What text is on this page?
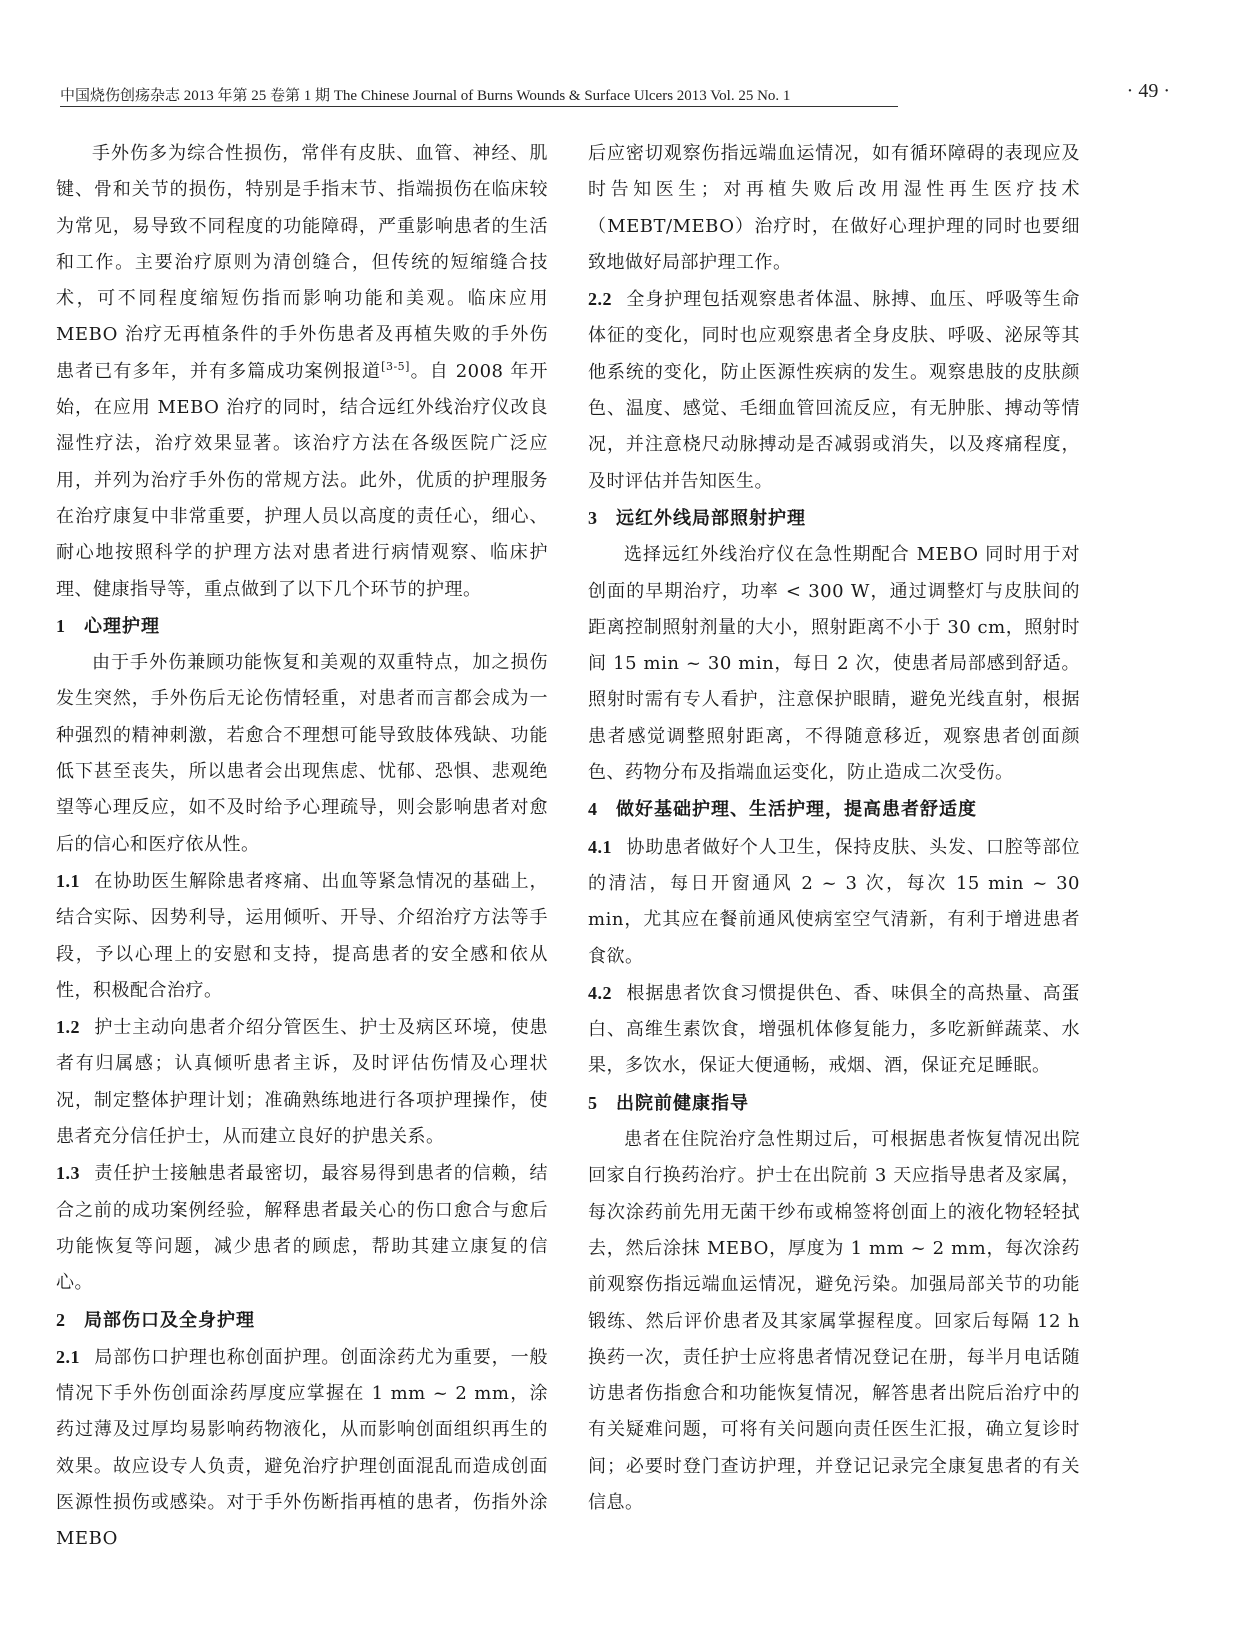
中国烧伤创疡杂志 2013 年第 25 卷第 1 期 The Chinese Journal of Burns Wounds & Surface Ulcers 2013 Vol. 25 No. 1	· 49 ·

手外伤多为综合性损伤，常伴有皮肤、血管、神经、肌键、骨和关节的损伤，特别是手指末节、指端损伤在临床较为常见，易导致不同程度的功能障碍，严重影响患者的生活和工作。主要治疗原则为清创缝合，但传统的短缩缝合技术，可不同程度缩短伤指而影响功能和美观。临床应用 MEBO 治疗无再植条件的手外伤患者及再植失败的手外伤患者已有多年，并有多篇成功案例报道[3-5]。自 2008 年开始，在应用 MEBO 治疗的同时，结合远红外线治疗仪改良湿性疗法，治疗效果显著。该治疗方法在各级医院广泛应用，并列为治疗手外伤的常规方法。此外，优质的护理服务在治疗康复中非常重要，护理人员以高度的责任心，细心、耐心地按照科学的护理方法对患者进行病情观察、临床护理、健康指导等，重点做到了以下几个环节的护理。

1 心理护理

由于手外伤兼顾功能恢复和美观的双重特点，加之损伤发生突然，手外伤后无论伤情轻重，对患者而言都会成为一种强烈的精神刺激，若愈合不理想可能导致肢体残缺、功能低下甚至丧失，所以患者会出现焦虑、忧郁、恐惧、悲观绝望等心理反应，如不及时给予心理疏导，则会影响患者对愈后的信心和医疗依从性。

1.1 在协助医生解除患者疼痛、出血等紧急情况的基础上，结合实际、因势利导，运用倾听、开导、介绍治疗方法等手段，予以心理上的安慰和支持，提高患者的安全感和依从性，积极配合治疗。

1.2 护士主动向患者介绍分管医生、护士及病区环境，使患者有归属感；认真倾听患者主诉，及时评估伤情及心理状况，制定整体护理计划；准确熟练地进行各项护理操作，使患者充分信任护士，从而建立良好的护患关系。

1.3 责任护士接触患者最密切，最容易得到患者的信赖，结合之前的成功案例经验，解释患者最关心的伤口愈合与愈后功能恢复等问题，减少患者的顾虑，帮助其建立康复的信心。

2 局部伤口及全身护理

2.1 局部伤口护理也称创面护理。创面涂药尤为重要，一般情况下手外伤创面涂药厚度应掌握在 1 mm ~ 2 mm，涂药过薄及过厚均易影响药物液化，从而影响创面组织再生的效果。故应设专人负责，避免治疗护理创面混乱而造成创面医源性损伤或感染。对于手外伤断指再植的患者，伤指外涂 MEBO

后应密切观察伤指远端血运情况，如有循环障碍的表现应及时告知医生；对再植失败后改用湿性再生医疗技术（MEBT/MEBO）治疗时，在做好心理护理的同时也要细致地做好局部护理工作。

2.2 全身护理包括观察患者体温、脉搏、血压、呼吸等生命体征的变化，同时也应观察患者全身皮肤、呼吸、泌尿等其他系统的变化，防止医源性疾病的发生。观察患肢的皮肤颜色、温度、感觉、毛细血管回流反应，有无肿胀、搏动等情况，并注意桡尺动脉搏动是否减弱或消失，以及疼痛程度，及时评估并告知医生。

3 远红外线局部照射护理

选择远红外线治疗仪在急性期配合 MEBO 同时用于对创面的早期治疗，功率 < 300 W，通过调整灯与皮肤间的距离控制照射剂量的大小，照射距离不小于 30 cm，照射时间 15 min ~ 30 min，每日 2 次，使患者局部感到舒适。照射时需有专人看护，注意保护眼睛，避免光线直射，根据患者感觉调整照射距离，不得随意移近，观察患者创面颜色、药物分布及指端血运变化，防止造成二次受伤。

4 做好基础护理、生活护理，提高患者舒适度

4.1 协助患者做好个人卫生，保持皮肤、头发、口腔等部位的清洁，每日开窗通风 2 ~ 3 次，每次 15 min ~ 30 min，尤其应在餐前通风使病室空气清新，有利于增进患者食欲。

4.2 根据患者饮食习惯提供色、香、味俱全的高热量、高蛋白、高维生素饮食，增强机体修复能力，多吃新鲜蔬菜、水果，多饮水，保证大便通畅，戒烟、酒，保证充足睡眠。

5 出院前健康指导

患者在住院治疗急性期过后，可根据患者恢复情况出院回家自行换药治疗。护士在出院前 3 天应指导患者及家属，每次涂药前先用无菌干纱布或棉签将创面上的液化物轻轻拭去，然后涂抹 MEBO，厚度为 1 mm ~ 2 mm，每次涂药前观察伤指远端血运情况，避免污染。加强局部关节的功能锻练、然后评价患者及其家属掌握程度。回家后每隔 12 h 换药一次，责任护士应将患者情况登记在册，每半月电话随访患者伤指愈合和功能恢复情况，解答患者出院后治疗中的有关疑难问题，可将有关问题向责任医生汇报，确立复诊时间；必要时登门查访护理，并登记记录完全康复患者的有关信息。
